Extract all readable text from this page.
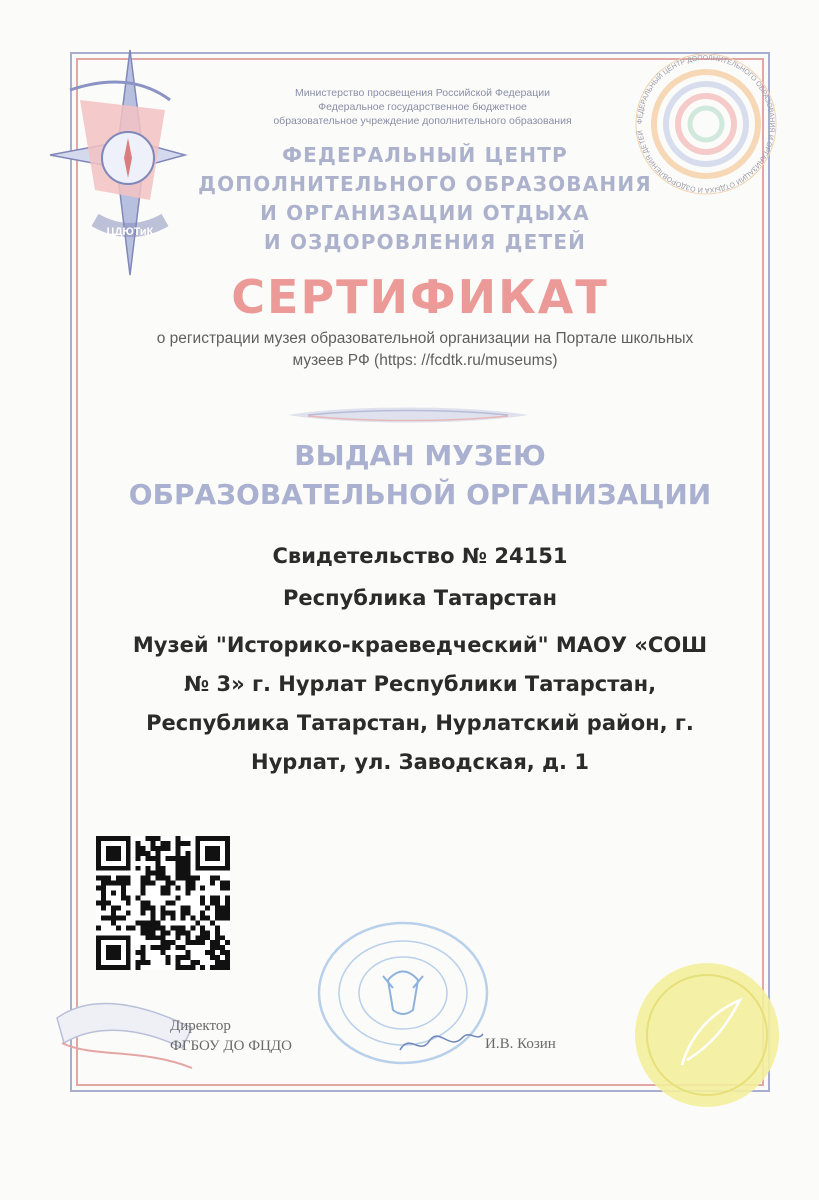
ЦДЮТиК
ФЕДЕРАЛЬНЫЙ ЦЕНТР ДОПОЛНИТЕЛЬНОГО ОБРАЗОВАНИЯ И ОРГАНИЗАЦИИ ОТДЫХА И ОЗДОРОВЛЕНИЯ ДЕТЕЙ
Министерство просвещения Российской Федерации
Федеральное государственное бюджетное
образовательное учреждение дополнительного образования
ФЕДЕРАЛЬНЫЙ ЦЕНТР
ДОПОЛНИТЕЛЬНОГО ОБРАЗОВАНИЯ
И ОРГАНИЗАЦИИ ОТДЫХА
И ОЗДОРОВЛЕНИЯ ДЕТЕЙ
СЕРТИФИКАТ
о регистрации музея образовательной организации на Портале школьных
музеев РФ (https: //fcdtk.ru/museums)
ВЫДАН МУЗЕЮ
ОБРАЗОВАТЕЛЬНОЙ ОРГАНИЗАЦИИ
Свидетельство № 24151
Республика Татарстан
Музей "Историко-краеведческий" МАОУ «СОШ
№ 3» г. Нурлат Республики Татарстан,
Республика Татарстан, Нурлатский район, г.
Нурлат, ул. Заводская, д. 1
Директор
ФГБОУ ДО ФЦДО	И.В. Козин
